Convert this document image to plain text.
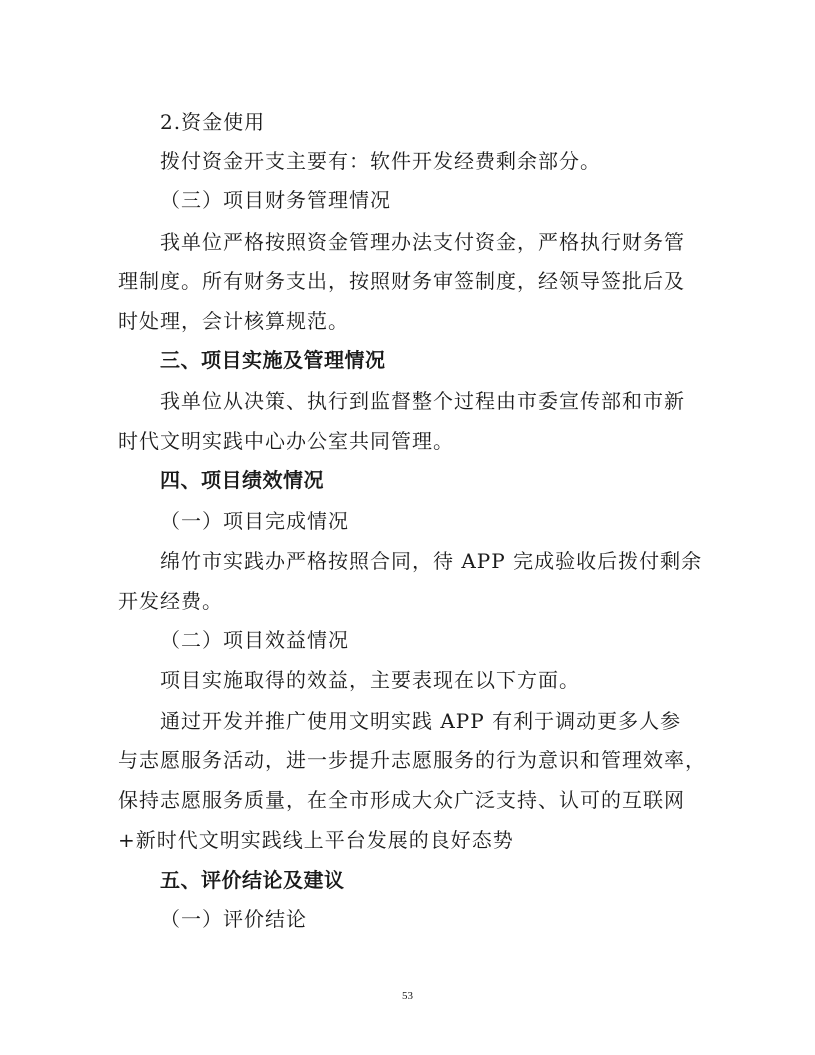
2.资金使用
拨付资金开支主要有：软件开发经费剩余部分。
（三）项目财务管理情况
我单位严格按照资金管理办法支付资金，严格执行财务管
理制度。所有财务支出，按照财务审签制度，经领导签批后及
时处理，会计核算规范。
三、项目实施及管理情况
我单位从决策、执行到监督整个过程由市委宣传部和市新
时代文明实践中心办公室共同管理。
四、项目绩效情况
（一）项目完成情况
绵竹市实践办严格按照合同，待 APP 完成验收后拨付剩余
开发经费。
（二）项目效益情况
项目实施取得的效益，主要表现在以下方面。
通过开发并推广使用文明实践 APP 有利于调动更多人参
与志愿服务活动，进一步提升志愿服务的行为意识和管理效率，
保持志愿服务质量，在全市形成大众广泛支持、认可的互联网
+新时代文明实践线上平台发展的良好态势
五、评价结论及建议
（一）评价结论
53
